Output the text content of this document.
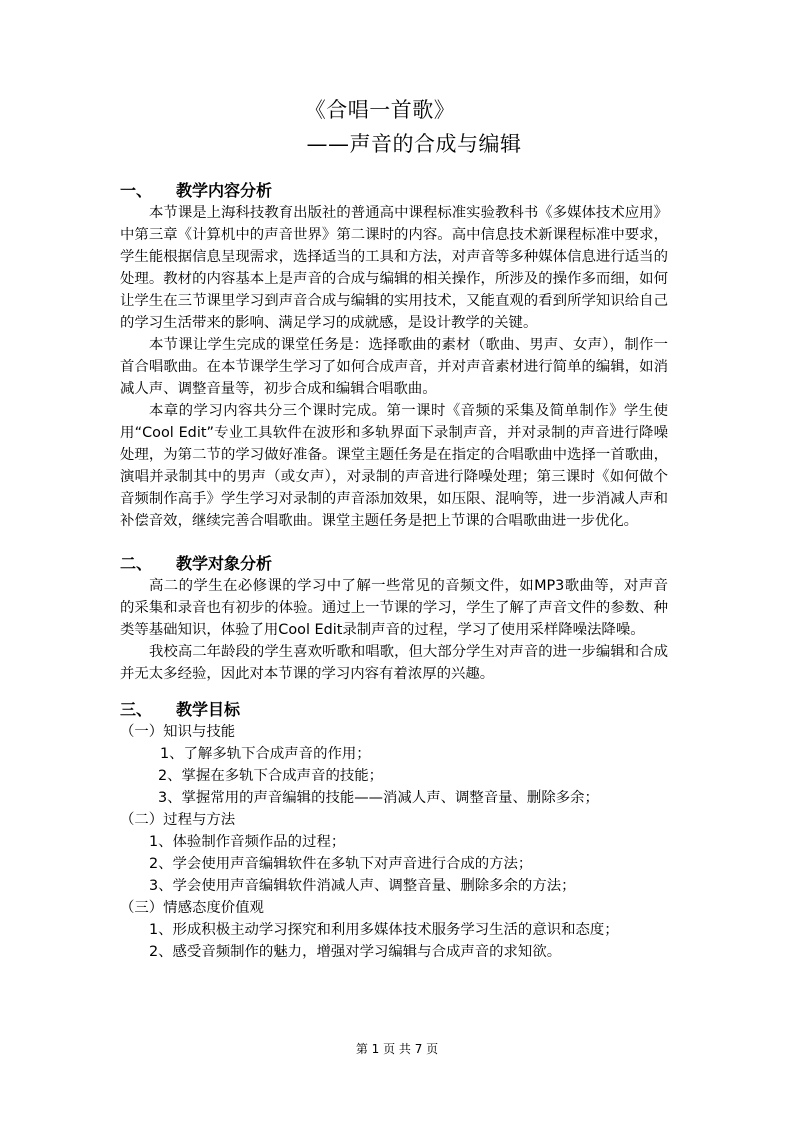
《合唱一首歌》
——声音的合成与编辑
一、 教学内容分析

本节课是上海科技教育出版社的普通高中课程标准实验教科书《多媒体技术应用》中第三章《计算机中的声音世界》第二课时的内容。高中信息技术新课程标准中要求，学生能根据信息呈现需求，选择适当的工具和方法，对声音等多种媒体信息进行适当的处理。教材的内容基本上是声音的合成与编辑的相关操作，所涉及的操作多而细，如何让学生在三节课里学习到声音合成与编辑的实用技术，又能直观的看到所学知识给自己的学习生活带来的影响、满足学习的成就感，是设计教学的关键。

本节课让学生完成的课堂任务是：选择歌曲的素材（歌曲、男声、女声），制作一首合唱歌曲。在本节课学生学习了如何合成声音，并对声音素材进行简单的编辑，如消减人声、调整音量等，初步合成和编辑合唱歌曲。

本章的学习内容共分三个课时完成。第一课时《音频的采集及简单制作》学生使用“Cool Edit”专业工具软件在波形和多轨界面下录制声音，并对录制的声音进行降噪处理，为第二节的学习做好准备。课堂主题任务是在指定的合唱歌曲中选择一首歌曲，演唱并录制其中的男声（或女声），对录制的声音进行降噪处理；第三课时《如何做个音频制作高手》学生学习对录制的声音添加效果，如压限、混响等，进一步消减人声和补偿音效，继续完善合唱歌曲。课堂主题任务是把上节课的合唱歌曲进一步优化。

二、 教学对象分析

高二的学生在必修课的学习中了解一些常见的音频文件，如MP3歌曲等，对声音的采集和录音也有初步的体验。通过上一节课的学习，学生了解了声音文件的参数、种类等基础知识，体验了用Cool Edit录制声音的过程，学习了使用采样降噪法降噪。

我校高二年龄段的学生喜欢听歌和唱歌，但大部分学生对声音的进一步编辑和合成并无太多经验，因此对本节课的学习内容有着浓厚的兴趣。

三、 教学目标
（一）知识与技能
1、了解多轨下合成声音的作用；
2、掌握在多轨下合成声音的技能；
3、掌握常用的声音编辑的技能——消减人声、调整音量、删除多余；
（二）过程与方法
1、体验制作音频作品的过程；
2、学会使用声音编辑软件在多轨下对声音进行合成的方法；
3、学会使用声音编辑软件消减人声、调整音量、删除多余的方法；
（三）情感态度价值观
1、形成积极主动学习探究和利用多媒体技术服务学习生活的意识和态度；
2、感受音频制作的魅力，增强对学习编辑与合成声音的求知欲。
第 1 页 共 7 页
